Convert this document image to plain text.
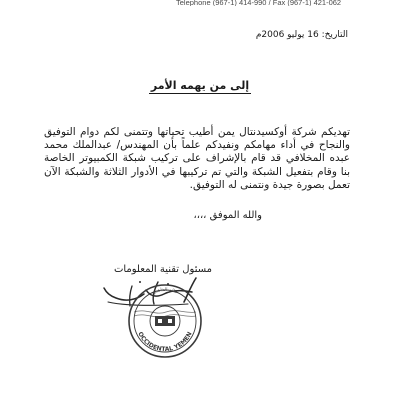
Telephone (967-1) 414-990 / Fax (967-1) 421-062
التاريخ: 16 يوليو 2006م
إلى من يهمه الأمر

تهديكم شركة أوكسيدنتال يمن أطيب تحياتها وتتمنى لكم دوام التوفيق والنجاح في أداء مهامكم ونفيدكم علماً بأن المهندس/ عبدالملك محمد عبده المخلافي قد قام بالإشراف على تركيب شبكة الكمبيوتر الخاصة بنا وقام بتفعيل الشبكة والتي تم تركيبها في الأدوار الثلاثة والشبكة الآن تعمل بصورة جيدة ونتمنى له التوفيق.

والله الموفق ،،،،
مسئول تقنية المعلومات
OCCIDENTAL YEMEN
خالد الذاهبي
